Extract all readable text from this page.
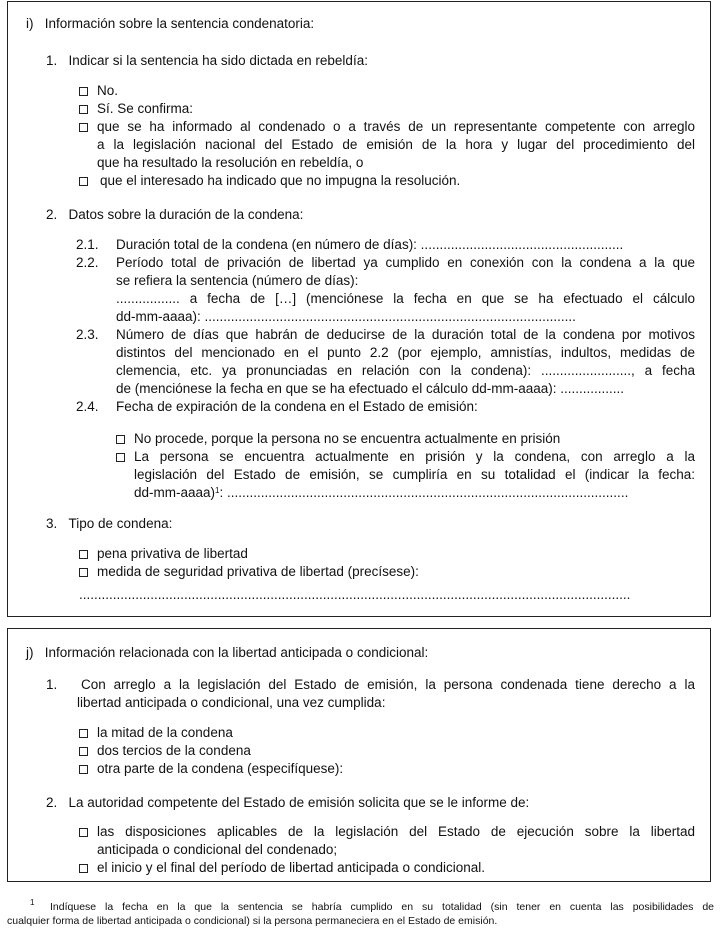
i)   Información sobre la sentencia condenatoria:
1.   Indicar si la sentencia ha sido dictada en rebeldía:
No.
Sí. Se confirma:
que se ha informado al condenado o a través de un representante competente con arreglo
a la legislación nacional del Estado de emisión de la hora y lugar del procedimiento del
que ha resultado la resolución en rebeldía, o
que el interesado ha indicado que no impugna la resolución.
2.   Datos sobre la duración de la condena:
2.1. Duración total de la condena (en número de días): ......................................................
2.2. Período total de privación de libertad ya cumplido en conexión con la condena a la que
se refiera la sentencia (número de días):
................. a fecha de […] (menciónese la fecha en que se ha efectuado el cálculo
dd-mm-aaaa): ...................................................................................................
2.3. Número de días que habrán de deducirse de la duración total de la condena por motivos
distintos del mencionado en el punto 2.2 (por ejemplo, amnistías, indultos, medidas de
clemencia, etc. ya pronunciadas en relación con la condena): ........................, a fecha
de (menciónese la fecha en que se ha efectuado el cálculo dd-mm-aaaa): .................
2.4. Fecha de expiración de la condena en el Estado de emisión:
No procede, porque la persona no se encuentra actualmente en prisión
La persona se encuentra actualmente en prisión y la condena, con arreglo a la
legislación del Estado de emisión, se cumpliría en su totalidad el (indicar la fecha:
dd-mm-aaaa)$^1$: ...........................................................................................................
3.   Tipo de condena:
pena privativa de libertad
medida de seguridad privativa de libertad (precísese):
...................................................................................................................................................
j)   Información relacionada con la libertad anticipada o condicional:
1.   Con arreglo a la legislación del Estado de emisión, la persona condenada tiene derecho a la
libertad anticipada o condicional, una vez cumplida:
la mitad de la condena
dos tercios de la condena
otra parte de la condena (especifíquese):
2.   La autoridad competente del Estado de emisión solicita que se le informe de:
las disposiciones aplicables de la legislación del Estado de ejecución sobre la libertad
anticipada o condicional del condenado;
el inicio y el final del período de libertad anticipada o condicional.
1 Indíquese la fecha en la que la sentencia se habría cumplido en su totalidad (sin tener en cuenta las posibilidades de
cualquier forma de libertad anticipada o condicional) si la persona permaneciera en el Estado de emisión.
